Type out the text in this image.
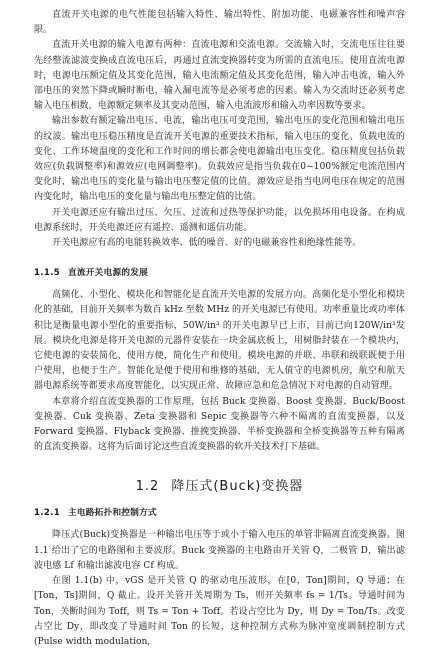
直流开关电源的电气性能包括输入特性、输出特性、附加功能、电磁兼容性和噪声容限。

直流开关电源的输入电源有两种：直流电源和交流电源。交流输入时，交流电压往往要先经整流滤波变换成直流电压后，再通过直流变换器转变为所需的直流电压。使用直流电源时，电源电压额定值及其变化范围，输入电流额定值及其变化范围，输入冲击电流，输入外部电压的突然下降或瞬时断电，输入漏电流等是必须考虑的因素。输入为交流时还必须考虑输入电压相数，电源额定频率及其变动范围，输入电流波形和输入功率因数等要求。

输出参数有额定输出电压、电流，输出电压可变范围，输出电压的变化范围和输出电压的纹波。输出电压稳压精度是直流开关电源的重要技术指标，输入电压的变化、负载电流的变化、工作环境温度的变化和工作时间的增长都会使电源输出电压变化。稳压精度包括负载效应(负载调整率)和源效应(电网调整率)。负载效应是指当负载在0~100%额定电流范围内变化时，输出电压的变化量与输出电压整定值的比值。源效应是指当电网电压在规定的范围内变化时，输出电压的变化量与输出电压整定值的比值。

开关电源还应有输出过压、欠压、过流和过热等保护功能，以免损坏用电设备。在构成电源系统时，开关电源还应有遥控、遥测和遥信功能。

开关电源应有高的电能转换效率、低的噪音、好的电磁兼容性和绝缘性能等。

1.1.5 直流开关电源的发展

高频化、小型化、模块化和智能化是直流开关电源的发展方向。高频化是小型化和模块化的基础，目前开关频率为数百 kHz 至数 MHz 的开关电源已有使用。功率重量比或功率体积比是衡量电源小型化的重要指标，50W/in³ 的开关电源早已上市，目前已向120W/in³发展。模块化电源是将开关电源的元器件安装在一块金属底板上，用树脂封装在一个模块内，它使电源的安装简化、使用方便，简化生产和使用。模块电源的并联、串联和级联既便于用户使用，也便于生产。智能化是便于使用和维修的基础，无人值守的电源机房，航空和航天器电源系统等都要求高度智能化，以实现正常、故障应急和危急情况下对电源的自动管理。

本章将介绍直流变换器的工作原理，包括 Buck 变换器、Boost 变换器、Buck/Boost 变换器、Cuk 变换器、Zeta 变换器和 Sepic 变换器等六种不隔离的直流变换器，以及 Forward 变换器、Flyback 变换器、推挽变换器、半桥变换器和全桥变换器等五种有隔离的直流变换器。这将为后面讨论这些直流变换器的软开关技术打下基础。

1.2 降压式(Buck)变换器
1.2.1 主电路拓扑和控制方式

降压式(Buck)变换器是一种输出电压等于或小于输入电压的单管非隔离直流变换器。图 1.1 给出了它的电路图和主要波形。Buck 变换器的主电路由开关管 Q，二极管 D，输出滤波电感 Lf 和输出滤波电容 Cf 构成。

在图 1.1(b) 中，vGS 是开关管 Q 的驱动电压波形，在[0，Ton]期间，Q 导通；在[Ton，Ts]期间，Q 截止。设开关管开关周期为 Ts，则开关频率 fs = 1/Ts。导通时间为 Ton，关断时间为 Toff，则 Ts = Ton + Toff。若设占空比为 Dy，则 Dy = Ton/Ts。改变占空比 Dy，即改变了导通时间 Ton 的长短，这种控制方式称为脉冲宽度调制控制方式(Pulse width modulation,
